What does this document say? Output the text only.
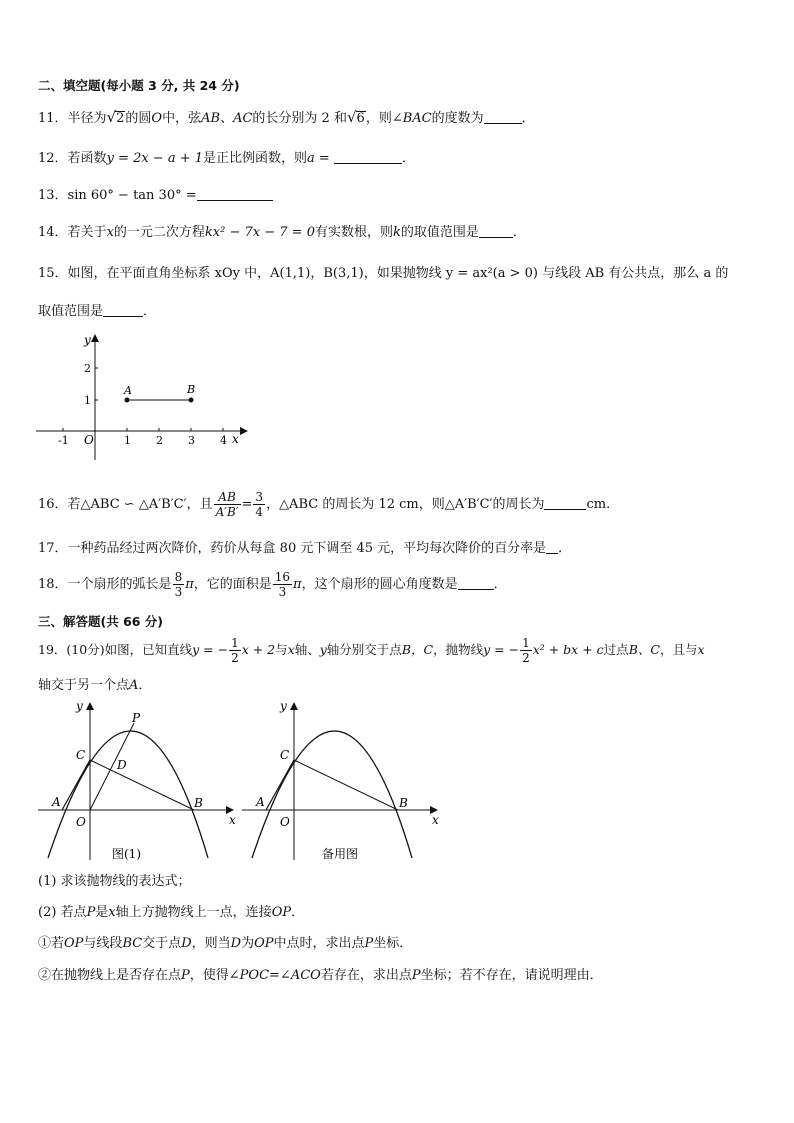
二、填空题(每小题 3 分, 共 24 分)
11．半径为√2的圆O中，弦AB、AC的长分别为 2 和√6，则∠BAC的度数为	．
12．若函数y = 2x − a + 1是正比例函数，则a =	．
13．sin 60° − tan 30° =
14．若关于x的一元二次方程kx² − 7x − 7 = 0有实数根，则k的取值范围是	．
15．如图，在平面直角坐标系 xOy 中，A(1,1)，B(3,1)，如果抛物线 y = ax²(a > 0) 与线段 AB 有公共点，那么 a 的
取值范围是	．
-1	1 2 3 4
1
2
O	x
y
A	B
16．若△ABC ∽ △A′B′C′，且 $\frac{AB}{A'B'} = \frac{3}{4}$ ，△ABC 的周长为 12 cm，则△A′B′C′的周长为	cm.
17．一种药品经过两次降价，药价从每盒 80 元下调至 45 元，平均每次降价的百分率是 ．
18．一个扇形的弧长是 $\frac{8}{3}$ π，它的面积是 $\frac{16}{3}$ π，这个扇形的圆心角度数是	．
三、解答题(共 66 分)
19．(10分)如图，已知直线y = − $\frac{1}{2}$ x + 2与x轴、y轴分别交于点B，C，抛物线y = − $\frac{1}{2} x^2$ + bx + c过点B、C，且与x
轴交于另一个点A．
O	x
y
A	B
C
D
P
图(1)
O	x
y
A	B
C
备用图
(1) 求该抛物线的表达式；
(2) 若点P是x轴上方抛物线上一点，连接OP．
①若OP与线段BC交于点D，则当D为OP中点时，求出点P坐标．
②在抛物线上是否存在点P，使得∠POC=∠ACO若存在，求出点P坐标；若不存在，请说明理由．
